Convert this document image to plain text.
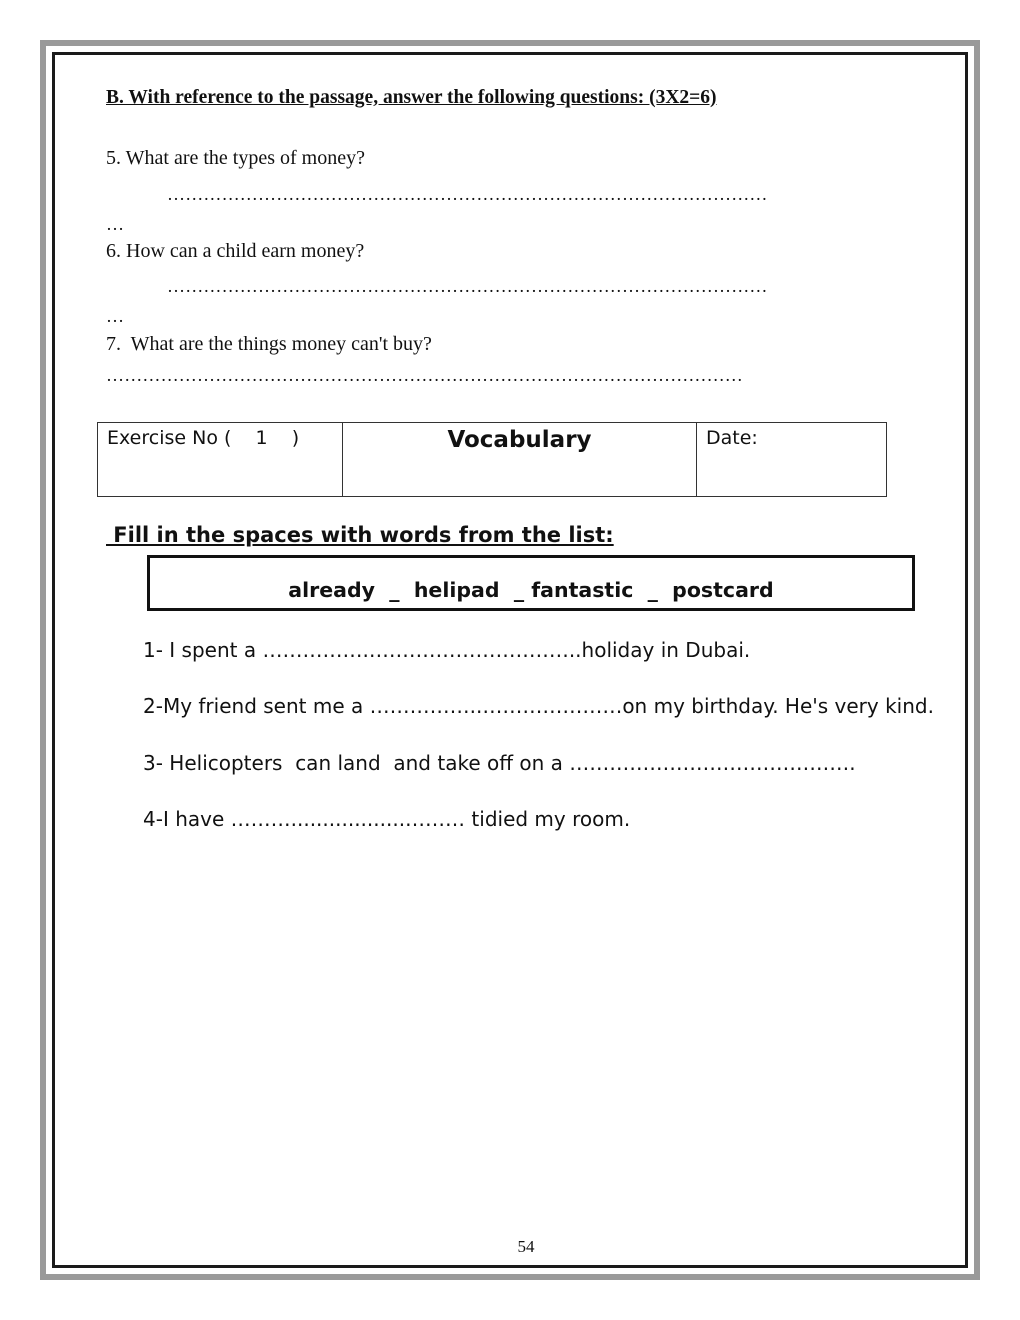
B. With reference to the passage, answer the following questions: (3X2=6)
5. What are the types of money?
………………………………………………………………………………………
…
6. How can a child earn money?
………………………………………………………………………………………
…
7.  What are the things money can't buy?
……………………………………………………………………………………………
Exercise No (    1    )	Vocabulary	Date:
Fill in the spaces with words from the list:
already  _  helipad  _ fantastic  _  postcard
1- I spent a …………….…………………………..holiday in Dubai.
2-My friend sent me a ……………..…………………on my birthday. He's very kind.
3- Helicopters  can land  and take off on a …………………………………….
4-I have ………..................……… tidied my room.
54
